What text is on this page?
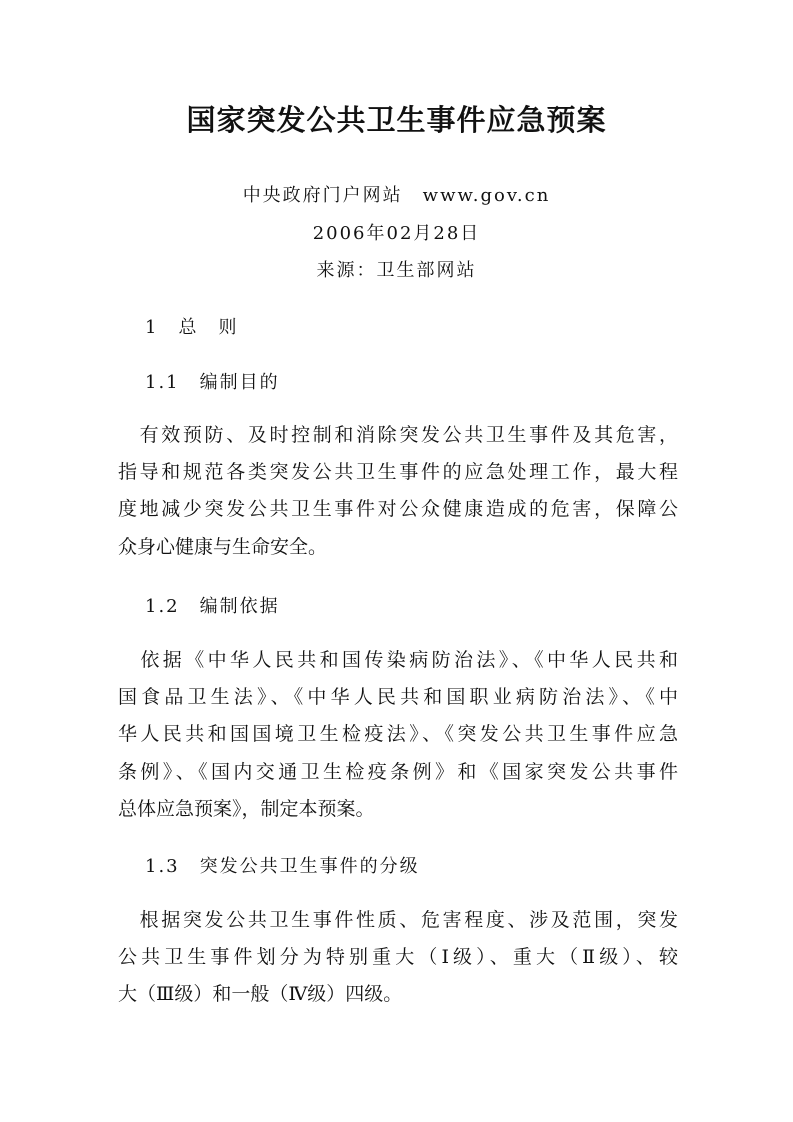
国家突发公共卫生事件应急预案
中央政府门户网站　www.gov.cn
2006年02月28日
来源：卫生部网站
1　总　则
1.1　编制目的
　有效预防、及时控制和消除突发公共卫生事件及其危害，
指导和规范各类突发公共卫生事件的应急处理工作，最大程
度地减少突发公共卫生事件对公众健康造成的危害，保障公
众身心健康与生命安全。
1.2　编制依据
　依据《中华人民共和国传染病防治法》、《中华人民共和
国食品卫生法》、《中华人民共和国职业病防治法》、《中
华人民共和国国境卫生检疫法》、《突发公共卫生事件应急
条例》、《国内交通卫生检疫条例》和《国家突发公共事件
总体应急预案》，制定本预案。
1.3　突发公共卫生事件的分级
　根据突发公共卫生事件性质、危害程度、涉及范围，突发
公共卫生事件划分为特别重大（Ⅰ级）、重大（Ⅱ级）、较
大（Ⅲ级）和一般（Ⅳ级）四级。
